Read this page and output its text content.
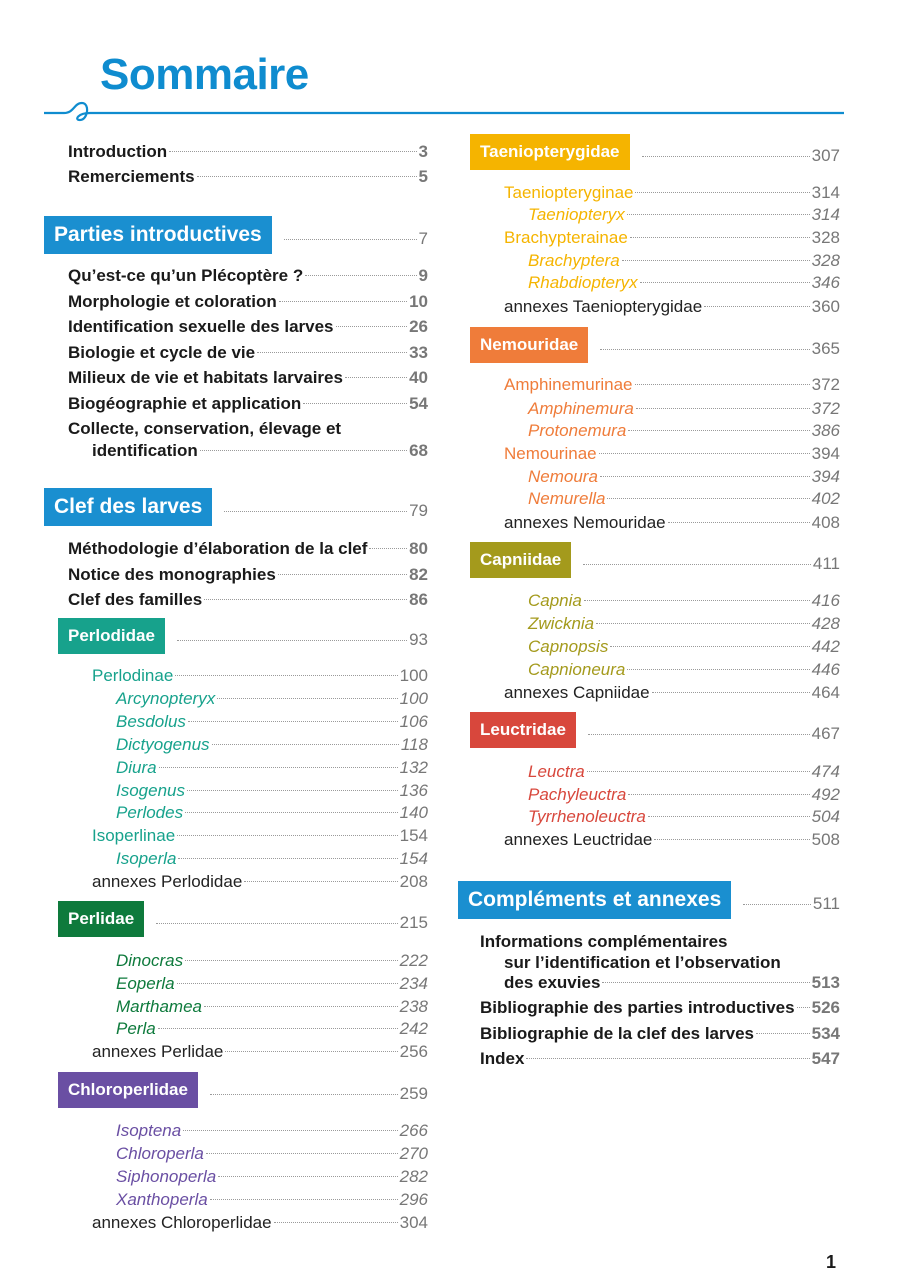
Sommaire
Introduction	3
Remerciements	5
Parties introductives	7
Qu’est-ce qu’un Plécoptère ?	9
Morphologie et coloration	10
Identification sexuelle des larves	26
Biologie et cycle de vie	33
Milieux de vie et habitats larvaires	40
Biogéographie et application	54
Collecte, conservation, élevage et
identification	68
Clef des larves	79
Méthodologie d’élaboration de la clef 80
Notice des monographies	82
Clef des familles	86
Perlodidae	93
Perlodinae	100
Arcynopteryx	100
Besdolus	106
Dictyogenus	118
Diura	132
Isogenus	136
Perlodes	140
Isoperlinae	154
Isoperla	154
annexes Perlodidae	208
Perlidae	215
Dinocras	222
Eoperla	234
Marthamea	238
Perla	242
annexes Perlidae	256
Chloroperlidae	259
Isoptena	266
Chloroperla	270
Siphonoperla	282
Xanthoperla	296
annexes Chloroperlidae	304
Taeniopterygidae	307
Taeniopteryginae	314
Taeniopteryx	314
Brachypterainae	328
Brachyptera	328
Rhabdiopteryx	346
annexes Taeniopterygidae	360
Nemouridae	365
Amphinemurinae	372
Amphinemura	372
Protonemura	386
Nemourinae	394
Nemoura	394
Nemurella	402
annexes Nemouridae	408
Capniidae	411
Capnia	416
Zwicknia	428
Capnopsis	442
Capnioneura	446
annexes Capniidae	464
Leuctridae	467
Leuctra	474
Pachyleuctra	492
Tyrrhenoleuctra	504
annexes Leuctridae	508
Compléments et annexes	511
Informations complémentaires
sur l’identification et l’observation
des exuvies	513
Bibliographie des parties introductives 526
Bibliographie de la clef des larves	534
Index	547
1
